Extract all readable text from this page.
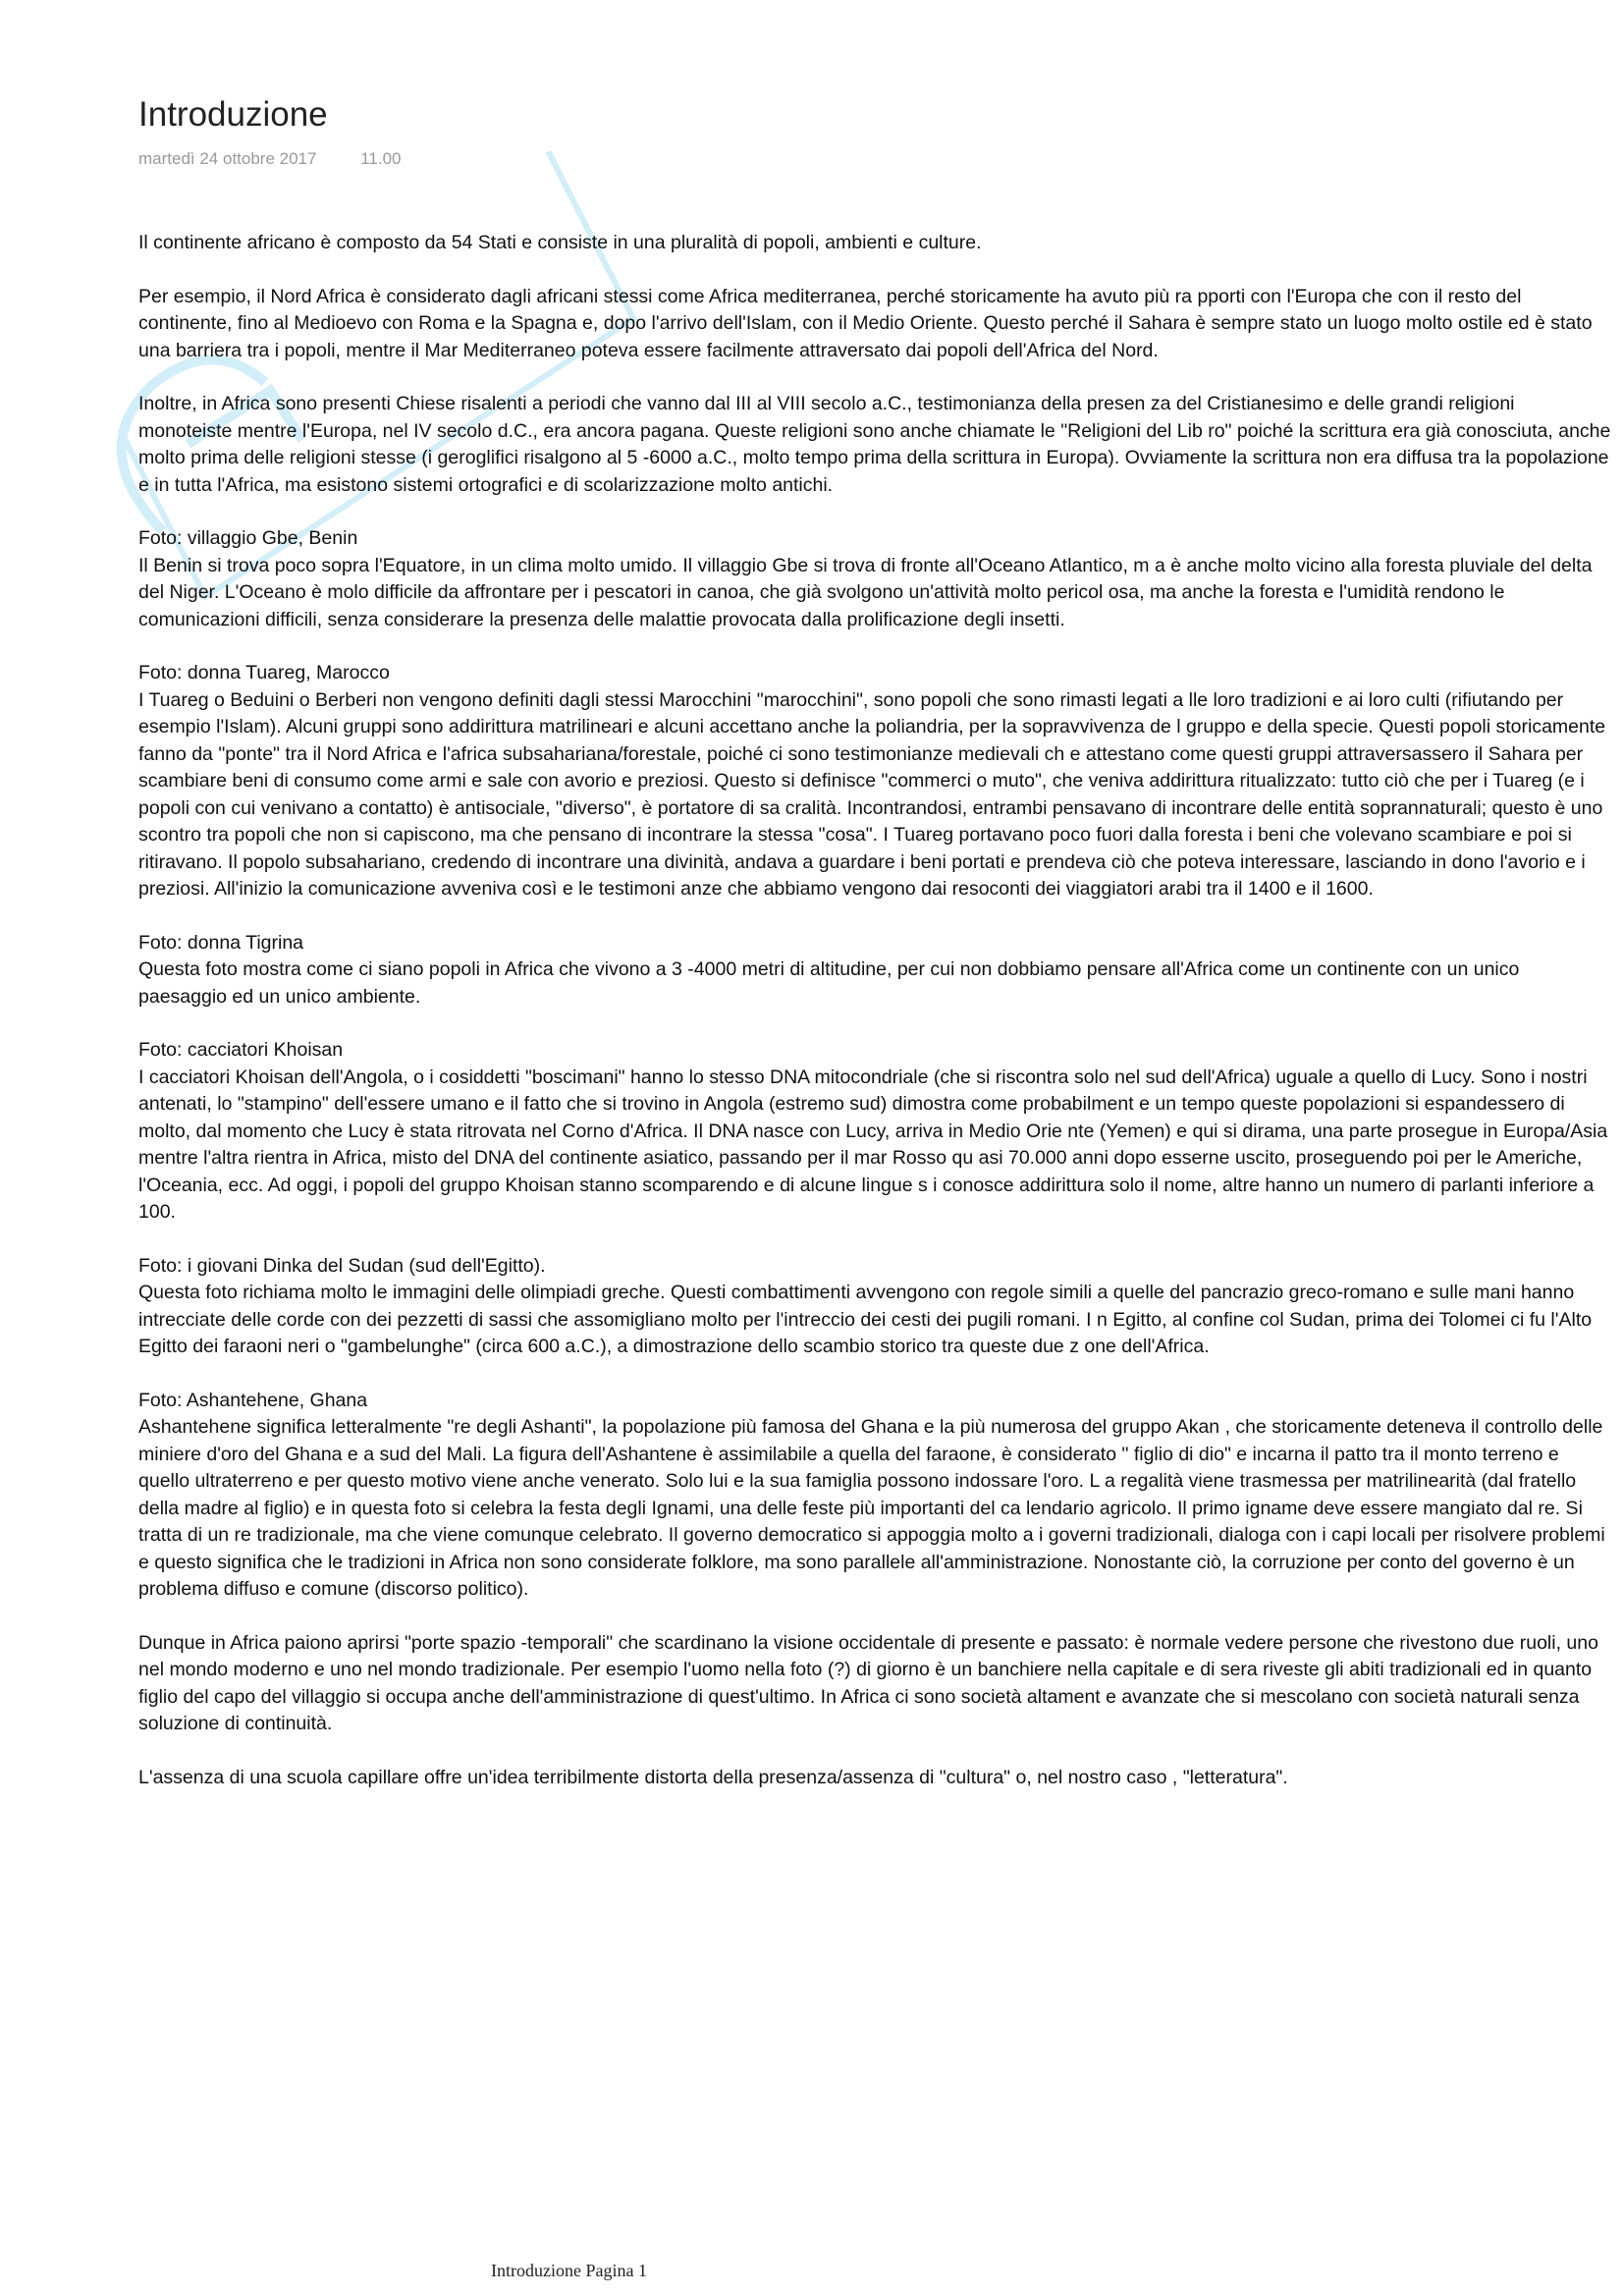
Introduzione
martedì 24 ottobre 2017	11.00

Il continente africano è composto da 54 Stati e consiste in una pluralità di popoli, ambienti e culture.

Per esempio, il Nord Africa è considerato dagli africani stessi come Africa mediterranea, perché storicamente ha avuto più ra pporti con l'Europa che con il resto del continente, fino al Medioevo con Roma e la Spagna e, dopo l'arrivo dell'Islam, con il Medio Oriente. Questo perché il Sahara è sempre stato un luogo molto ostile ed è stato una barriera tra i popoli, mentre il Mar Mediterraneo poteva essere facilmente attraversato dai popoli dell'Africa del Nord.

Inoltre, in Africa sono presenti Chiese risalenti a periodi che vanno dal III al VIII secolo a.C., testimonianza della presen za del Cristianesimo e delle grandi religioni monoteiste mentre l'Europa, nel IV secolo d.C., era ancora pagana. Queste religioni sono anche chiamate le "Religioni del Lib ro" poiché la scrittura era già conosciuta, anche molto prima delle religioni stesse (i geroglifici risalgono al 5 -6000 a.C., molto tempo prima della scrittura in Europa). Ovviamente la scrittura non era diffusa tra la popolazione e in tutta l'Africa, ma esistono sistemi ortografici e di scolarizzazione molto antichi.

Foto: villaggio Gbe, Benin
Il Benin si trova poco sopra l'Equatore, in un clima molto umido. Il villaggio Gbe si trova di fronte all'Oceano Atlantico, m a è anche molto vicino alla foresta pluviale del delta del Niger. L'Oceano è molo difficile da affrontare per i pescatori in canoa, che già svolgono un'attività molto pericol osa, ma anche la foresta e l'umidità rendono le comunicazioni difficili, senza considerare la presenza delle malattie provocata dalla prolificazione degli insetti.

Foto: donna Tuareg, Marocco
I Tuareg o Beduini o Berberi non vengono definiti dagli stessi Marocchini "marocchini", sono popoli che sono rimasti legati a lle loro tradizioni e ai loro culti (rifiutando per esempio l'Islam). Alcuni gruppi sono addirittura matrilineari e alcuni accettano anche la poliandria, per la sopravvivenza de l gruppo e della specie. Questi popoli storicamente fanno da "ponte" tra il Nord Africa e l'africa subsahariana/forestale, poiché ci sono testimonianze medievali ch e attestano come questi gruppi attraversassero il Sahara per scambiare beni di consumo come armi e sale con avorio e preziosi. Questo si definisce "commerci o muto", che veniva addirittura ritualizzato: tutto ciò che per i Tuareg (e i popoli con cui venivano a contatto) è antisociale, "diverso", è portatore di sa cralità. Incontrandosi, entrambi pensavano di incontrare delle entità soprannaturali; questo è uno scontro tra popoli che non si capiscono, ma che pensano di incontrare la stessa "cosa". I Tuareg portavano poco fuori dalla foresta i beni che volevano scambiare e poi si ritiravano. Il popolo subsahariano, credendo di incontrare una divinità, andava a guardare i beni portati e prendeva ciò che poteva interessare, lasciando in dono l'avorio e i preziosi. All'inizio la comunicazione avveniva così e le testimoni anze che abbiamo vengono dai resoconti dei viaggiatori arabi tra il 1400 e il 1600.

Foto: donna Tigrina
Questa foto mostra come ci siano popoli in Africa che vivono a 3 -4000 metri di altitudine, per cui non dobbiamo pensare all'Africa come un continente con un unico paesaggio ed un unico ambiente.

Foto: cacciatori Khoisan
I cacciatori Khoisan dell'Angola, o i cosiddetti "boscimani" hanno lo stesso DNA mitocondriale (che si riscontra solo nel sud dell'Africa) uguale a quello di Lucy. Sono i nostri antenati, lo "stampino" dell'essere umano e il fatto che si trovino in Angola (estremo sud) dimostra come probabilment e un tempo queste popolazioni si espandessero di molto, dal momento che Lucy è stata ritrovata nel Corno d'Africa. Il DNA nasce con Lucy, arriva in Medio Orie nte (Yemen) e qui si dirama, una parte prosegue in Europa/Asia mentre l'altra rientra in Africa, misto del DNA del continente asiatico, passando per il mar Rosso qu asi 70.000 anni dopo esserne uscito, proseguendo poi per le Americhe, l'Oceania, ecc. Ad oggi, i popoli del gruppo Khoisan stanno scomparendo e di alcune lingue s i conosce addirittura solo il nome, altre hanno un numero di parlanti inferiore a 100.

Foto: i giovani Dinka del Sudan (sud dell'Egitto).
Questa foto richiama molto le immagini delle olimpiadi greche. Questi combattimenti avvengono con regole simili a quelle del pancrazio greco-romano e sulle mani hanno intrecciate delle corde con dei pezzetti di sassi che assomigliano molto per l'intreccio dei cesti dei pugili romani. I n Egitto, al confine col Sudan, prima dei Tolomei ci fu l'Alto Egitto dei faraoni neri o "gambelunghe" (circa 600 a.C.), a dimostrazione dello scambio storico tra queste due z one dell'Africa.

Foto: Ashantehene, Ghana
Ashantehene significa letteralmente "re degli Ashanti", la popolazione più famosa del Ghana e la più numerosa del gruppo Akan , che storicamente deteneva il controllo delle miniere d'oro del Ghana e a sud del Mali. La figura dell'Ashantene è assimilabile a quella del faraone, è considerato " figlio di dio" e incarna il patto tra il monto terreno e quello ultraterreno e per questo motivo viene anche venerato. Solo lui e la sua famiglia possono indossare l'oro. L a regalità viene trasmessa per matrilinearità (dal fratello della madre al figlio) e in questa foto si celebra la festa degli Ignami, una delle feste più importanti del ca lendario agricolo. Il primo igname deve essere mangiato dal re. Si tratta di un re tradizionale, ma che viene comunque celebrato. Il governo democratico si appoggia molto a i governi tradizionali, dialoga con i capi locali per risolvere problemi e questo significa che le tradizioni in Africa non sono considerate folklore, ma sono parallele all'amministrazione. Nonostante ciò, la corruzione per conto del governo è un problema diffuso e comune (discorso politico).

Dunque in Africa paiono aprirsi "porte spazio -temporali" che scardinano la visione occidentale di presente e passato: è normale vedere persone che rivestono due ruoli, uno nel mondo moderno e uno nel mondo tradizionale. Per esempio l'uomo nella foto (?) di giorno è un banchiere nella capitale e di sera riveste gli abiti tradizionali ed in quanto figlio del capo del villaggio si occupa anche dell'amministrazione di quest'ultimo. In Africa ci sono società altament e avanzate che si mescolano con società naturali senza soluzione di continuità.

L'assenza di una scuola capillare offre un'idea terribilmente distorta della presenza/assenza di "cultura" o, nel nostro caso , "letteratura".

Introduzione Pagina 1
